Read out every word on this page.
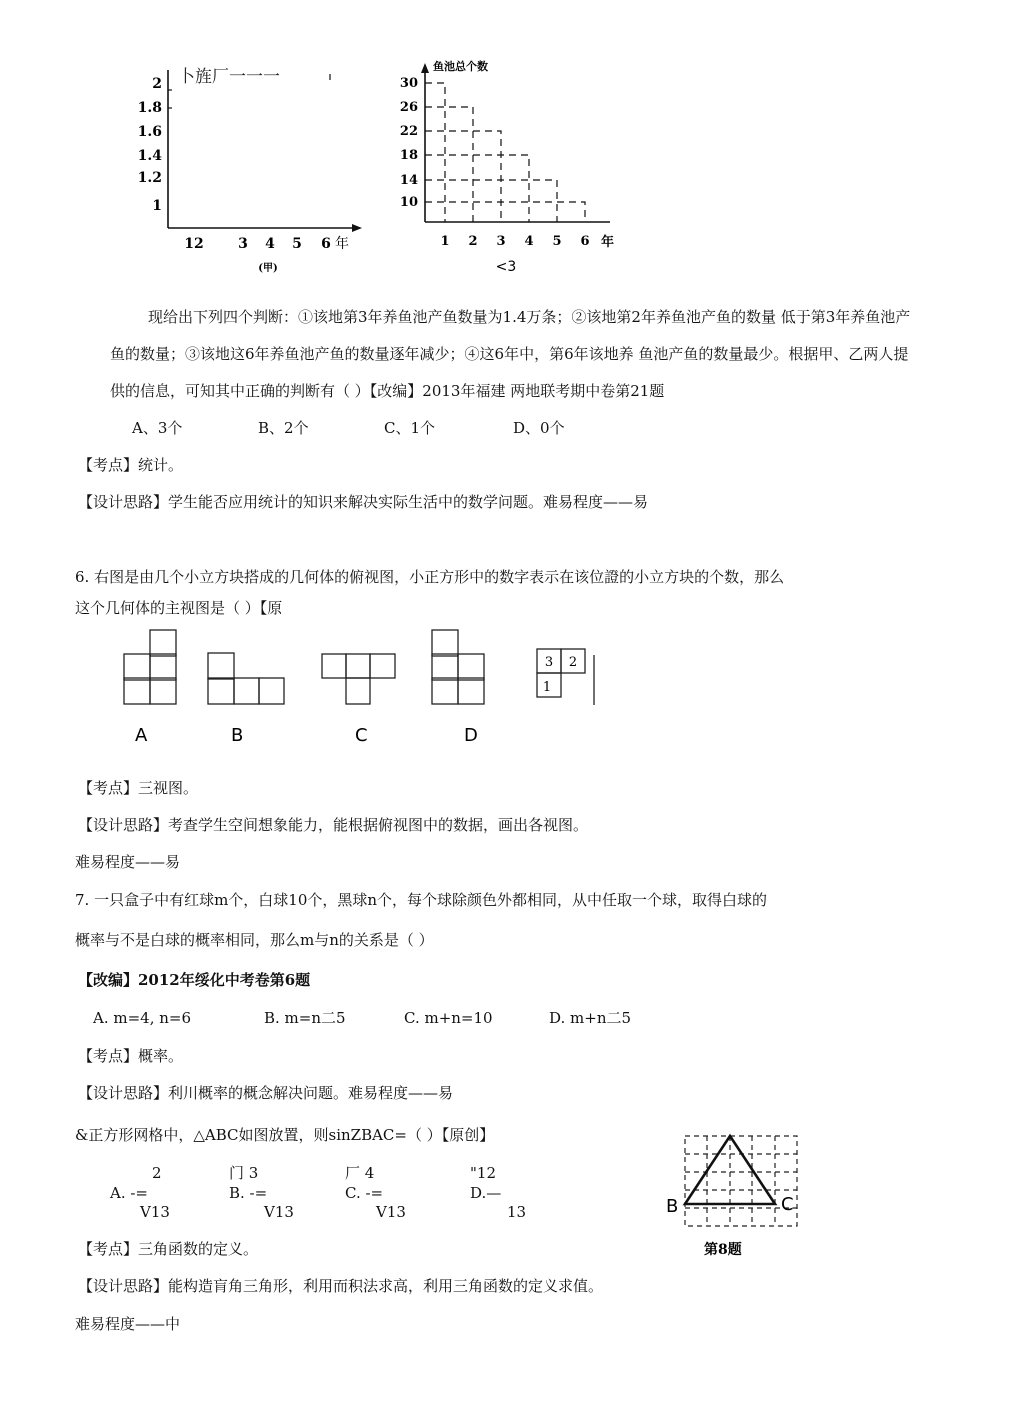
卜旌厂一一一
2
1.8
1.6
1.4
1.2
1
12 3 4 5 6 年
(甲)
鱼池总个数
30
26
22
18
14
10
1 2 3 4 5 6 年
<3
现给出下列四个判断：①该地第3年养鱼池产鱼数量为1.4万条；②该地第2年养鱼池产鱼的数量 低于第3年养鱼池产
鱼的数量；③该地这6年养鱼池产鱼的数量逐年减少；④这6年中，第6年该地养 鱼池产鱼的数量最少。根据甲、乙两人提
供的信息，可知其中正确的判断有（ ）【改编】2013年福建 两地联考期中卷第21题
A、3个	B、2个	C、1个	D、0个
【考点】统计。
【设计思路】学生能否应用统计的知识来解决实际生活中的数学问题。难易程度——易
6. 右图是由几个小立方块搭成的几何体的俯视图，小正方形中的数字表示在该位證的小立方块的个数，那么
这个几何体的主视图是（ ）【原
3 2
1
A	B	C	D
【考点】三视图。
【设计思路】考查学生空间想象能力，能根据俯视图中的数据，画出各视图。
难易程度——易
7. 一只盒子中有红球m个，白球10个，黑球n个，每个球除颜色外都相同，从中任取一个球，取得白球的
概率与不是白球的概率相同，那么m与n的关系是（ ）
【改编】2012年绥化中考卷第6题
A. m=4, n=6	B. m=n二5	C. m+n=10	D. m+n二5
【考点】概率。
【设计思路】利川概率的概念解决问题。难易程度——易
&正方形网格中，△ABC如图放置，则sinZBAC=（ ）【原创】
2
A. -=
V13
门 3
B. -=
V13
厂 4
C. -=
V13
"12
D.—
13	B	C
第8题
【考点】三角函数的定义。
【设计思路】能构造肓角三角形，利用而积法求高，利用三角函数的定义求值。
难易程度——中
